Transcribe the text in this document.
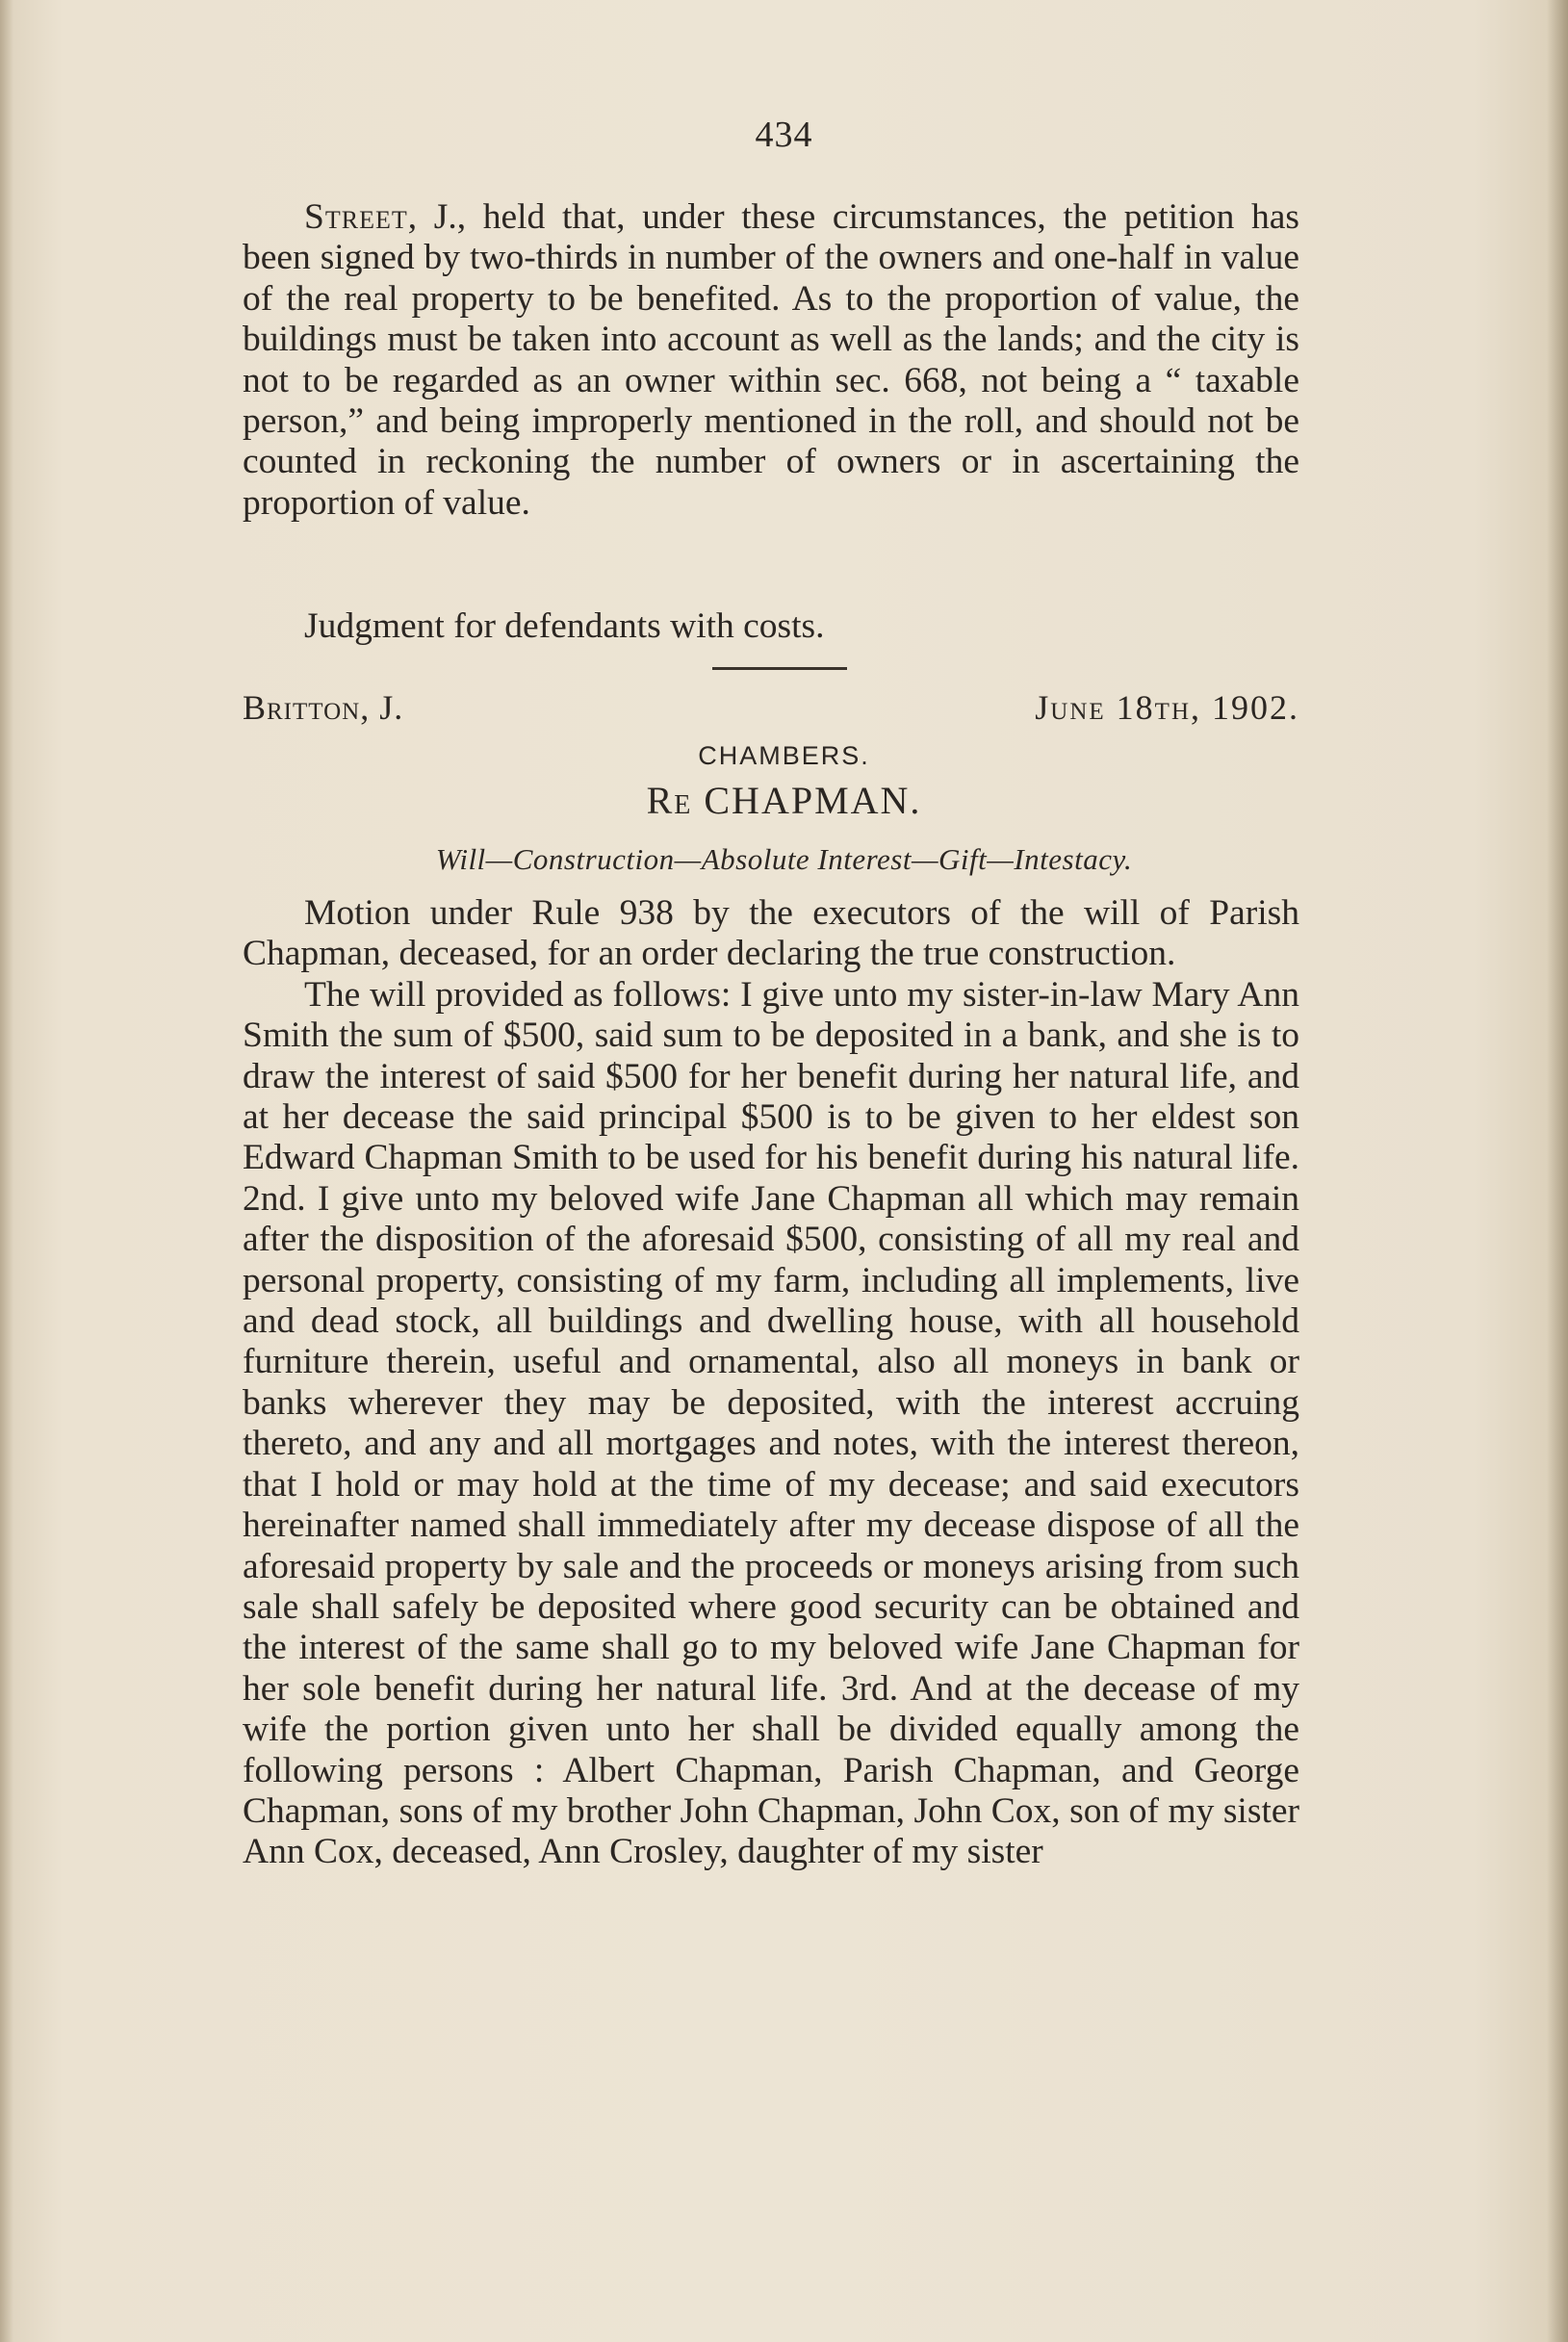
434

Street, J., held that, under these circumstances, the petition has been signed by two-thirds in number of the owners and one-half in value of the real property to be benefited. As to the proportion of value, the buildings must be taken into account as well as the lands; and the city is not to be regarded as an owner within sec. 668, not being a “ taxable person,” and being improperly mentioned in the roll, and should not be counted in reckoning the number of owners or in ascertaining the proportion of value.

Judgment for defendants with costs.
Britton, J.	June 18th, 1902.
CHAMBERS.
Re CHAPMAN.
Will—Construction—Absolute Interest—Gift—Intestacy.

Motion under Rule 938 by the executors of the will of Parish Chapman, deceased, for an order declaring the true construction.

The will provided as follows: I give unto my sister-in-law Mary Ann Smith the sum of $500, said sum to be deposited in a bank, and she is to draw the interest of said $500 for her benefit during her natural life, and at her decease the said principal $500 is to be given to her eldest son Edward Chapman Smith to be used for his benefit during his natural life. 2nd. I give unto my beloved wife Jane Chapman all which may remain after the disposition of the aforesaid $500, consisting of all my real and personal property, consisting of my farm, including all implements, live and dead stock, all buildings and dwelling house, with all household furniture therein, useful and ornamental, also all moneys in bank or banks wherever they may be deposited, with the interest accruing thereto, and any and all mortgages and notes, with the interest thereon, that I hold or may hold at the time of my decease; and said executors hereinafter named shall immediately after my decease dispose of all the aforesaid property by sale and the proceeds or moneys arising from such sale shall safely be deposited where good security can be obtained and the interest of the same shall go to my beloved wife Jane Chapman for her sole benefit during her natural life. 3rd. And at the decease of my wife the portion given unto her shall be divided equally among the following persons : Albert Chapman, Parish Chapman, and George Chapman, sons of my brother John Chapman, John Cox, son of my sister Ann Cox, deceased, Ann Crosley, daughter of my sister
